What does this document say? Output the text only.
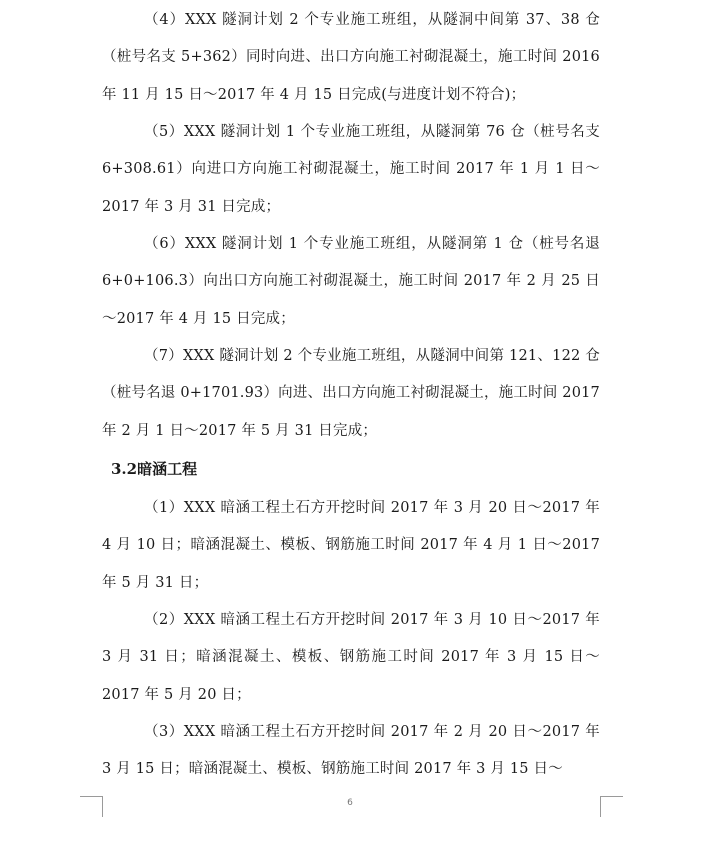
（4）XXX 隧洞计划 2 个专业施工班组，从隧洞中间第 37、38 仓（桩号名支 5+362）同时向进、出口方向施工衬砌混凝土，施工时间 2016 年 11 月 15 日～2017 年 4 月 15 日完成(与进度计划不符合)；
（5）XXX 隧洞计划 1 个专业施工班组，从隧洞第 76 仓（桩号名支 6+308.61）向进口方向施工衬砌混凝土，施工时间 2017 年 1 月 1 日～2017 年 3 月 31 日完成；
（6）XXX 隧洞计划 1 个专业施工班组，从隧洞第 1 仓（桩号名退 6+0+106.3）向出口方向施工衬砌混凝土，施工时间 2017 年 2 月 25 日～2017 年 4 月 15 日完成；
（7）XXX 隧洞计划 2 个专业施工班组，从隧洞中间第 121、122 仓（桩号名退 0+1701.93）向进、出口方向施工衬砌混凝土，施工时间 2017 年 2 月 1 日～2017 年 5 月 31 日完成；
3.2暗涵工程
（1）XXX 暗涵工程土石方开挖时间 2017 年 3 月 20 日～2017 年 4 月 10 日；暗涵混凝土、模板、钢筋施工时间 2017 年 4 月 1 日～2017 年 5 月 31 日；
（2）XXX 暗涵工程土石方开挖时间 2017 年 3 月 10 日～2017 年 3 月 31 日；暗涵混凝土、模板、钢筋施工时间 2017 年 3 月 15 日～2017 年 5 月 20 日；
（3）XXX 暗涵工程土石方开挖时间 2017 年 2 月 20 日～2017 年 3 月 15 日；暗涵混凝土、模板、钢筋施工时间 2017 年 3 月 15 日～
6
